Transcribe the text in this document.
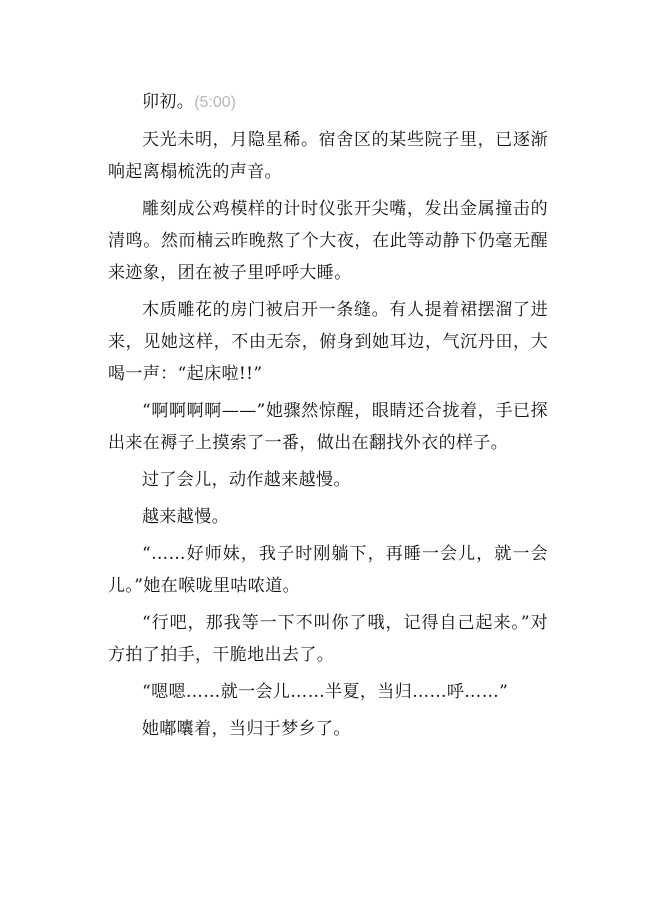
卯初。(5:00)

天光未明，月隐星稀。宿舍区的某些院子里，已逐渐响起离榻梳洗的声音。

雕刻成公鸡模样的计时仪张开尖嘴，发出金属撞击的清鸣。然而楠云昨晚熬了个大夜，在此等动静下仍毫无醒来迹象，团在被子里呼呼大睡。

木质雕花的房门被启开一条缝。有人提着裙摆溜了进来，见她这样，不由无奈，俯身到她耳边，气沉丹田，大喝一声：“起床啦!!”

“啊啊啊啊——”她骤然惊醒，眼睛还合拢着，手已探出来在褥子上摸索了一番，做出在翻找外衣的样子。

过了会儿，动作越来越慢。

越来越慢。

“……好师妹，我子时刚躺下，再睡一会儿，就一会儿。”她在喉咙里咕哝道。

“行吧，那我等一下不叫你了哦，记得自己起来。”对方拍了拍手，干脆地出去了。

“嗯嗯……就一会儿……半夏，当归……呼……”

她嘟囔着，当归于梦乡了。
